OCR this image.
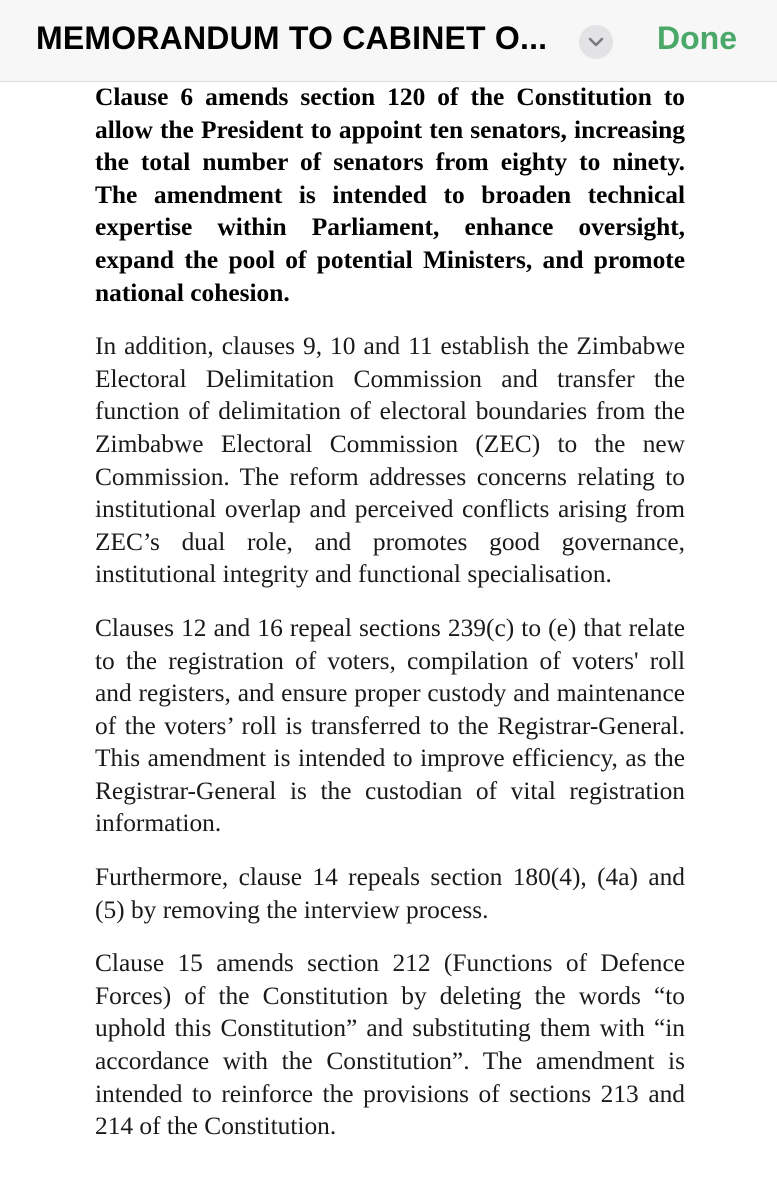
MEMORANDUM TO CABINET O...	Done

Clause 6 amends section 120 of the Constitution to allow the President to appoint ten senators, increasing the total number of senators from eighty to ninety. The amendment is intended to broaden technical expertise within Parliament, enhance oversight, expand the pool of potential Ministers, and promote national cohesion.

In addition, clauses 9, 10 and 11 establish the Zimbabwe Electoral Delimitation Commission and transfer the function of delimitation of electoral boundaries from the Zimbabwe Electoral Commission (ZEC) to the new Commission. The reform addresses concerns relating to institutional overlap and perceived conflicts arising from ZEC’s dual role, and promotes good governance, institutional integrity and functional specialisation.

Clauses 12 and 16 repeal sections 239(c) to (e) that relate to the registration of voters, compilation of voters' roll and registers, and ensure proper custody and maintenance of the voters’ roll is transferred to the Registrar-General. This amendment is intended to improve efficiency, as the Registrar-General is the custodian of vital registration information.

Furthermore, clause 14 repeals section 180(4), (4a) and (5) by removing the interview process.

Clause 15 amends section 212 (Functions of Defence Forces) of the Constitution by deleting the words “to uphold this Constitution” and substituting them with “in accordance with the Constitution”. The amendment is intended to reinforce the provisions of sections 213 and 214 of the Constitution.
